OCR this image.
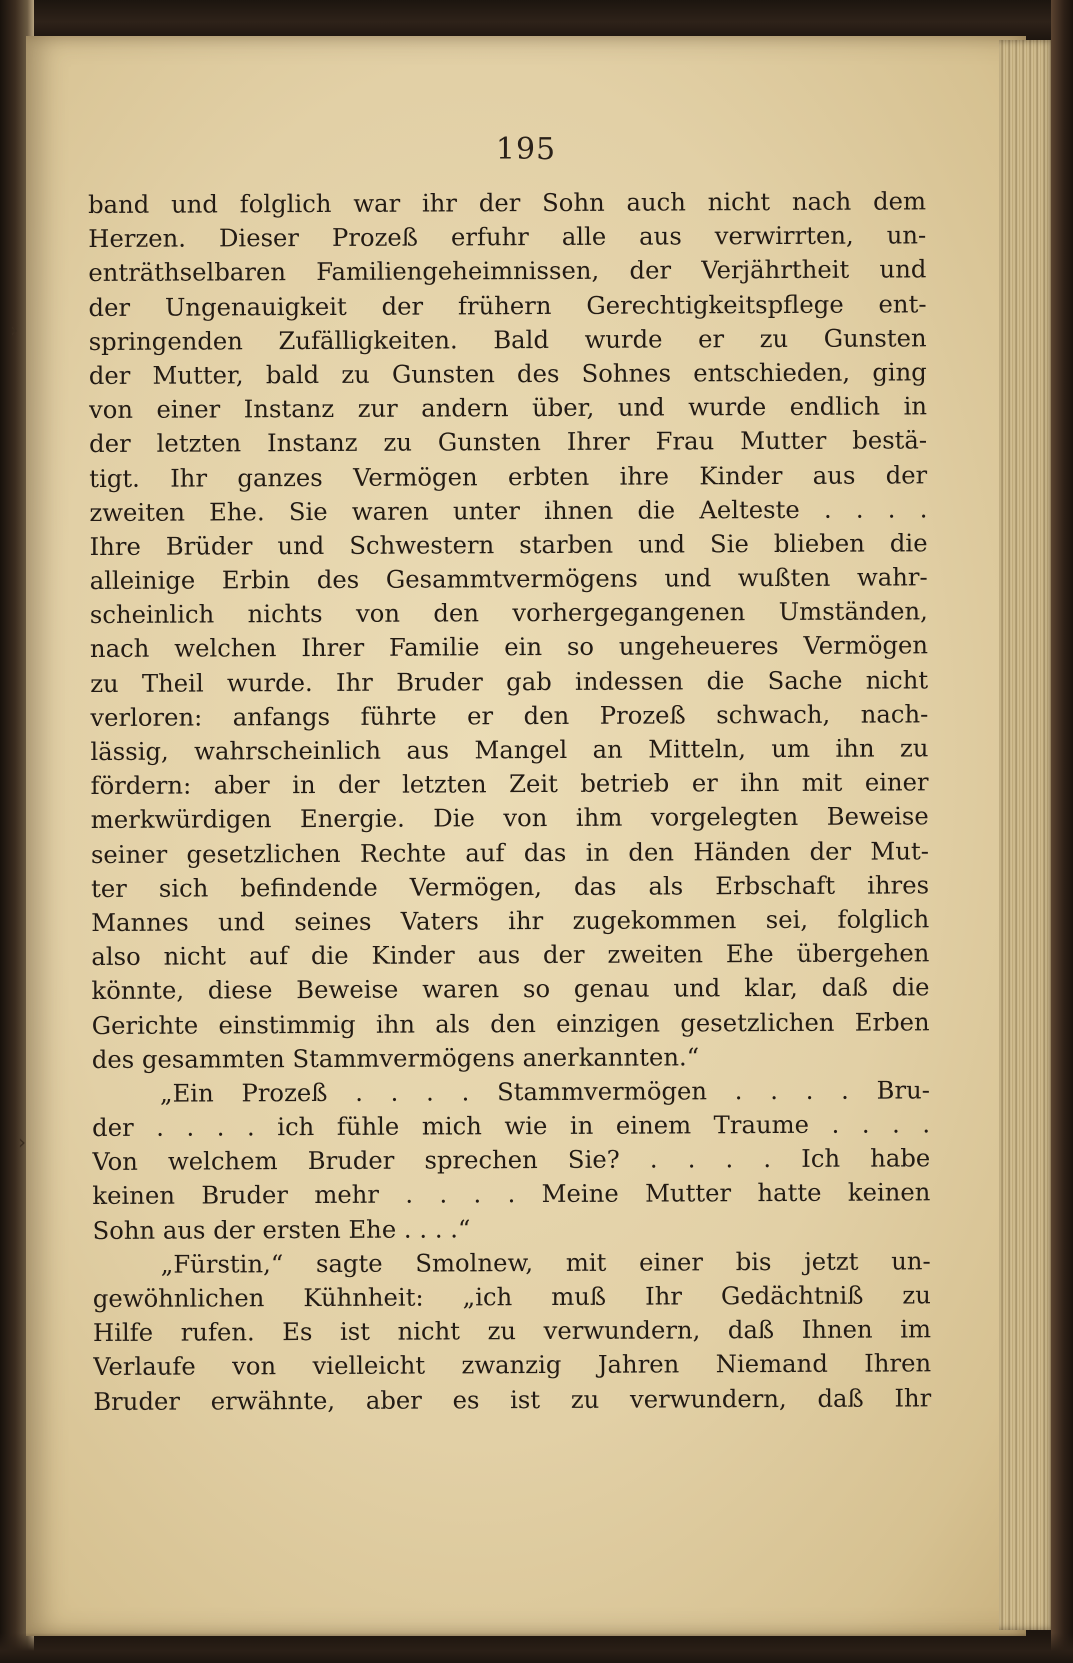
195
band und folglich war ihr der Sohn auch nicht nach dem
Herzen. Dieser Prozeß erfuhr alle aus verwirrten, un-
enträthselbaren Familiengeheimnissen, der Verjährtheit und
der Ungenauigkeit der frühern Gerechtigkeitspflege ent-
springenden Zufälligkeiten. Bald wurde er zu Gunsten
der Mutter, bald zu Gunsten des Sohnes entschieden, ging
von einer Instanz zur andern über, und wurde endlich in
der letzten Instanz zu Gunsten Ihrer Frau Mutter bestä-
tigt. Ihr ganzes Vermögen erbten ihre Kinder aus der
zweiten Ehe. Sie waren unter ihnen die Aelteste . . . .
Ihre Brüder und Schwestern starben und Sie blieben die
alleinige Erbin des Gesammtvermögens und wußten wahr-
scheinlich nichts von den vorhergegangenen Umständen,
nach welchen Ihrer Familie ein so ungeheueres Vermögen
zu Theil wurde. Ihr Bruder gab indessen die Sache nicht
verloren: anfangs führte er den Prozeß schwach, nach-
lässig, wahrscheinlich aus Mangel an Mitteln, um ihn zu
fördern: aber in der letzten Zeit betrieb er ihn mit einer
merkwürdigen Energie. Die von ihm vorgelegten Beweise
seiner gesetzlichen Rechte auf das in den Händen der Mut-
ter sich befindende Vermögen, das als Erbschaft ihres
Mannes und seines Vaters ihr zugekommen sei, folglich
also nicht auf die Kinder aus der zweiten Ehe übergehen
könnte, diese Beweise waren so genau und klar, daß die
Gerichte einstimmig ihn als den einzigen gesetzlichen Erben
des gesammten Stammvermögens anerkannten.“
„Ein Prozeß . . . . Stammvermögen . . . . Bru-
der . . . . ich fühle mich wie in einem Traume . . . .
Von welchem Bruder sprechen Sie? . . . . Ich habe
keinen Bruder mehr . . . . Meine Mutter hatte keinen
Sohn aus der ersten Ehe . . . .“
„Fürstin,“ sagte Smolnew, mit einer bis jetzt un-
gewöhnlichen Kühnheit: „ich muß Ihr Gedächtniß zu
Hilfe rufen. Es ist nicht zu verwundern, daß Ihnen im
Verlaufe von vielleicht zwanzig Jahren Niemand Ihren
Bruder erwähnte, aber es ist zu verwundern, daß Ihr
›
›
